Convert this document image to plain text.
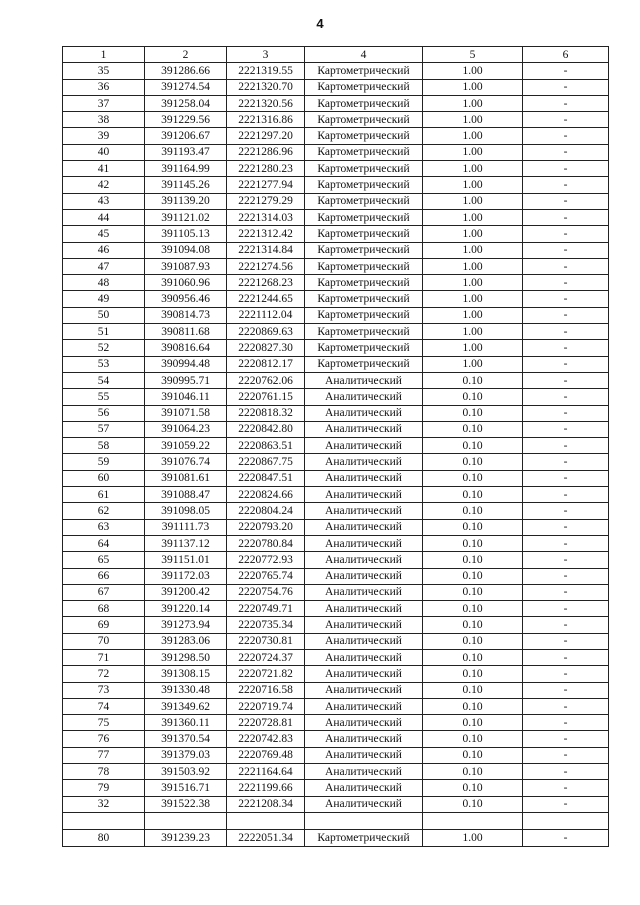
4
1	2	3	4	5	6
35	391286.66	2221319.55	Картометрический	1.00	-
36	391274.54	2221320.70	Картометрический	1.00	-
37	391258.04	2221320.56	Картометрический	1.00	-
38	391229.56	2221316.86	Картометрический	1.00	-
39	391206.67	2221297.20	Картометрический	1.00	-
40	391193.47	2221286.96	Картометрический	1.00	-
41	391164.99	2221280.23	Картометрический	1.00	-
42	391145.26	2221277.94	Картометрический	1.00	-
43	391139.20	2221279.29	Картометрический	1.00	-
44	391121.02	2221314.03	Картометрический	1.00	-
45	391105.13	2221312.42	Картометрический	1.00	-
46	391094.08	2221314.84	Картометрический	1.00	-
47	391087.93	2221274.56	Картометрический	1.00	-
48	391060.96	2221268.23	Картометрический	1.00	-
49	390956.46	2221244.65	Картометрический	1.00	-
50	390814.73	2221112.04	Картометрический	1.00	-
51	390811.68	2220869.63	Картометрический	1.00	-
52	390816.64	2220827.30	Картометрический	1.00	-
53	390994.48	2220812.17	Картометрический	1.00	-
54	390995.71	2220762.06	Аналитический	0.10	-
55	391046.11	2220761.15	Аналитический	0.10	-
56	391071.58	2220818.32	Аналитический	0.10	-
57	391064.23	2220842.80	Аналитический	0.10	-
58	391059.22	2220863.51	Аналитический	0.10	-
59	391076.74	2220867.75	Аналитический	0.10	-
60	391081.61	2220847.51	Аналитический	0.10	-
61	391088.47	2220824.66	Аналитический	0.10	-
62	391098.05	2220804.24	Аналитический	0.10	-
63	391111.73	2220793.20	Аналитический	0.10	-
64	391137.12	2220780.84	Аналитический	0.10	-
65	391151.01	2220772.93	Аналитический	0.10	-
66	391172.03	2220765.74	Аналитический	0.10	-
67	391200.42	2220754.76	Аналитический	0.10	-
68	391220.14	2220749.71	Аналитический	0.10	-
69	391273.94	2220735.34	Аналитический	0.10	-
70	391283.06	2220730.81	Аналитический	0.10	-
71	391298.50	2220724.37	Аналитический	0.10	-
72	391308.15	2220721.82	Аналитический	0.10	-
73	391330.48	2220716.58	Аналитический	0.10	-
74	391349.62	2220719.74	Аналитический	0.10	-
75	391360.11	2220728.81	Аналитический	0.10	-
76	391370.54	2220742.83	Аналитический	0.10	-
77	391379.03	2220769.48	Аналитический	0.10	-
78	391503.92	2221164.64	Аналитический	0.10	-
79	391516.71	2221199.66	Аналитический	0.10	-
32	391522.38	2221208.34	Аналитический	0.10	-

80	391239.23	2222051.34	Картометрический	1.00	-
